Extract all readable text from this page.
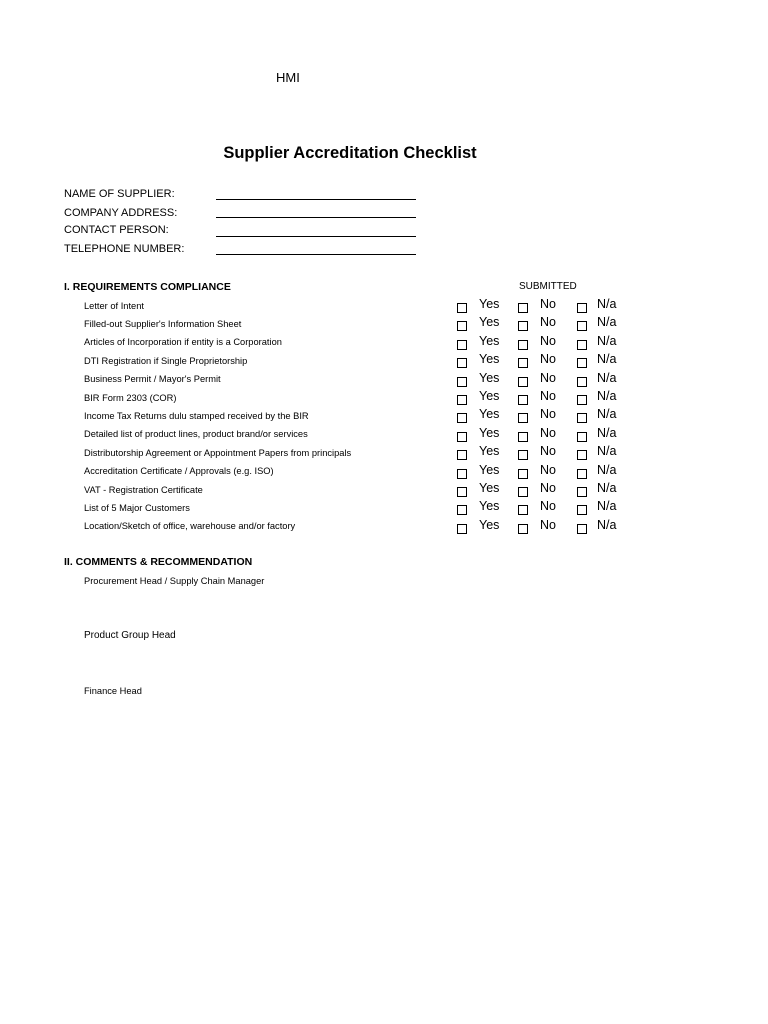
HMI
Supplier Accreditation Checklist
NAME OF SUPPLIER:
COMPANY ADDRESS:
CONTACT PERSON:
TELEPHONE NUMBER:
I. REQUIREMENTS COMPLIANCE	SUBMITTED
Letter of Intent	Yes	No	N/a
Filled-out Supplier's Information Sheet	Yes	No	N/a
Articles of Incorporation if entity is a Corporation	Yes	No	N/a
DTI Registration if Single Proprietorship	Yes	No	N/a
Business Permit / Mayor's Permit	Yes	No	N/a
BIR Form 2303 (COR)	Yes	No	N/a
Income Tax Returns dulu stamped received by the BIR	Yes	No	N/a
Detailed list of product lines, product brand/or services	Yes	No	N/a
Distributorship Agreement or Appointment Papers from principals	Yes	No	N/a
Accreditation Certificate / Approvals (e.g. ISO)	Yes	No	N/a
VAT - Registration Certificate	Yes	No	N/a
List of 5 Major Customers	Yes	No	N/a
Location/Sketch of office, warehouse and/or factory	Yes	No	N/a
II. COMMENTS & RECOMMENDATION
Procurement Head / Supply Chain Manager
Product Group Head
Finance Head
